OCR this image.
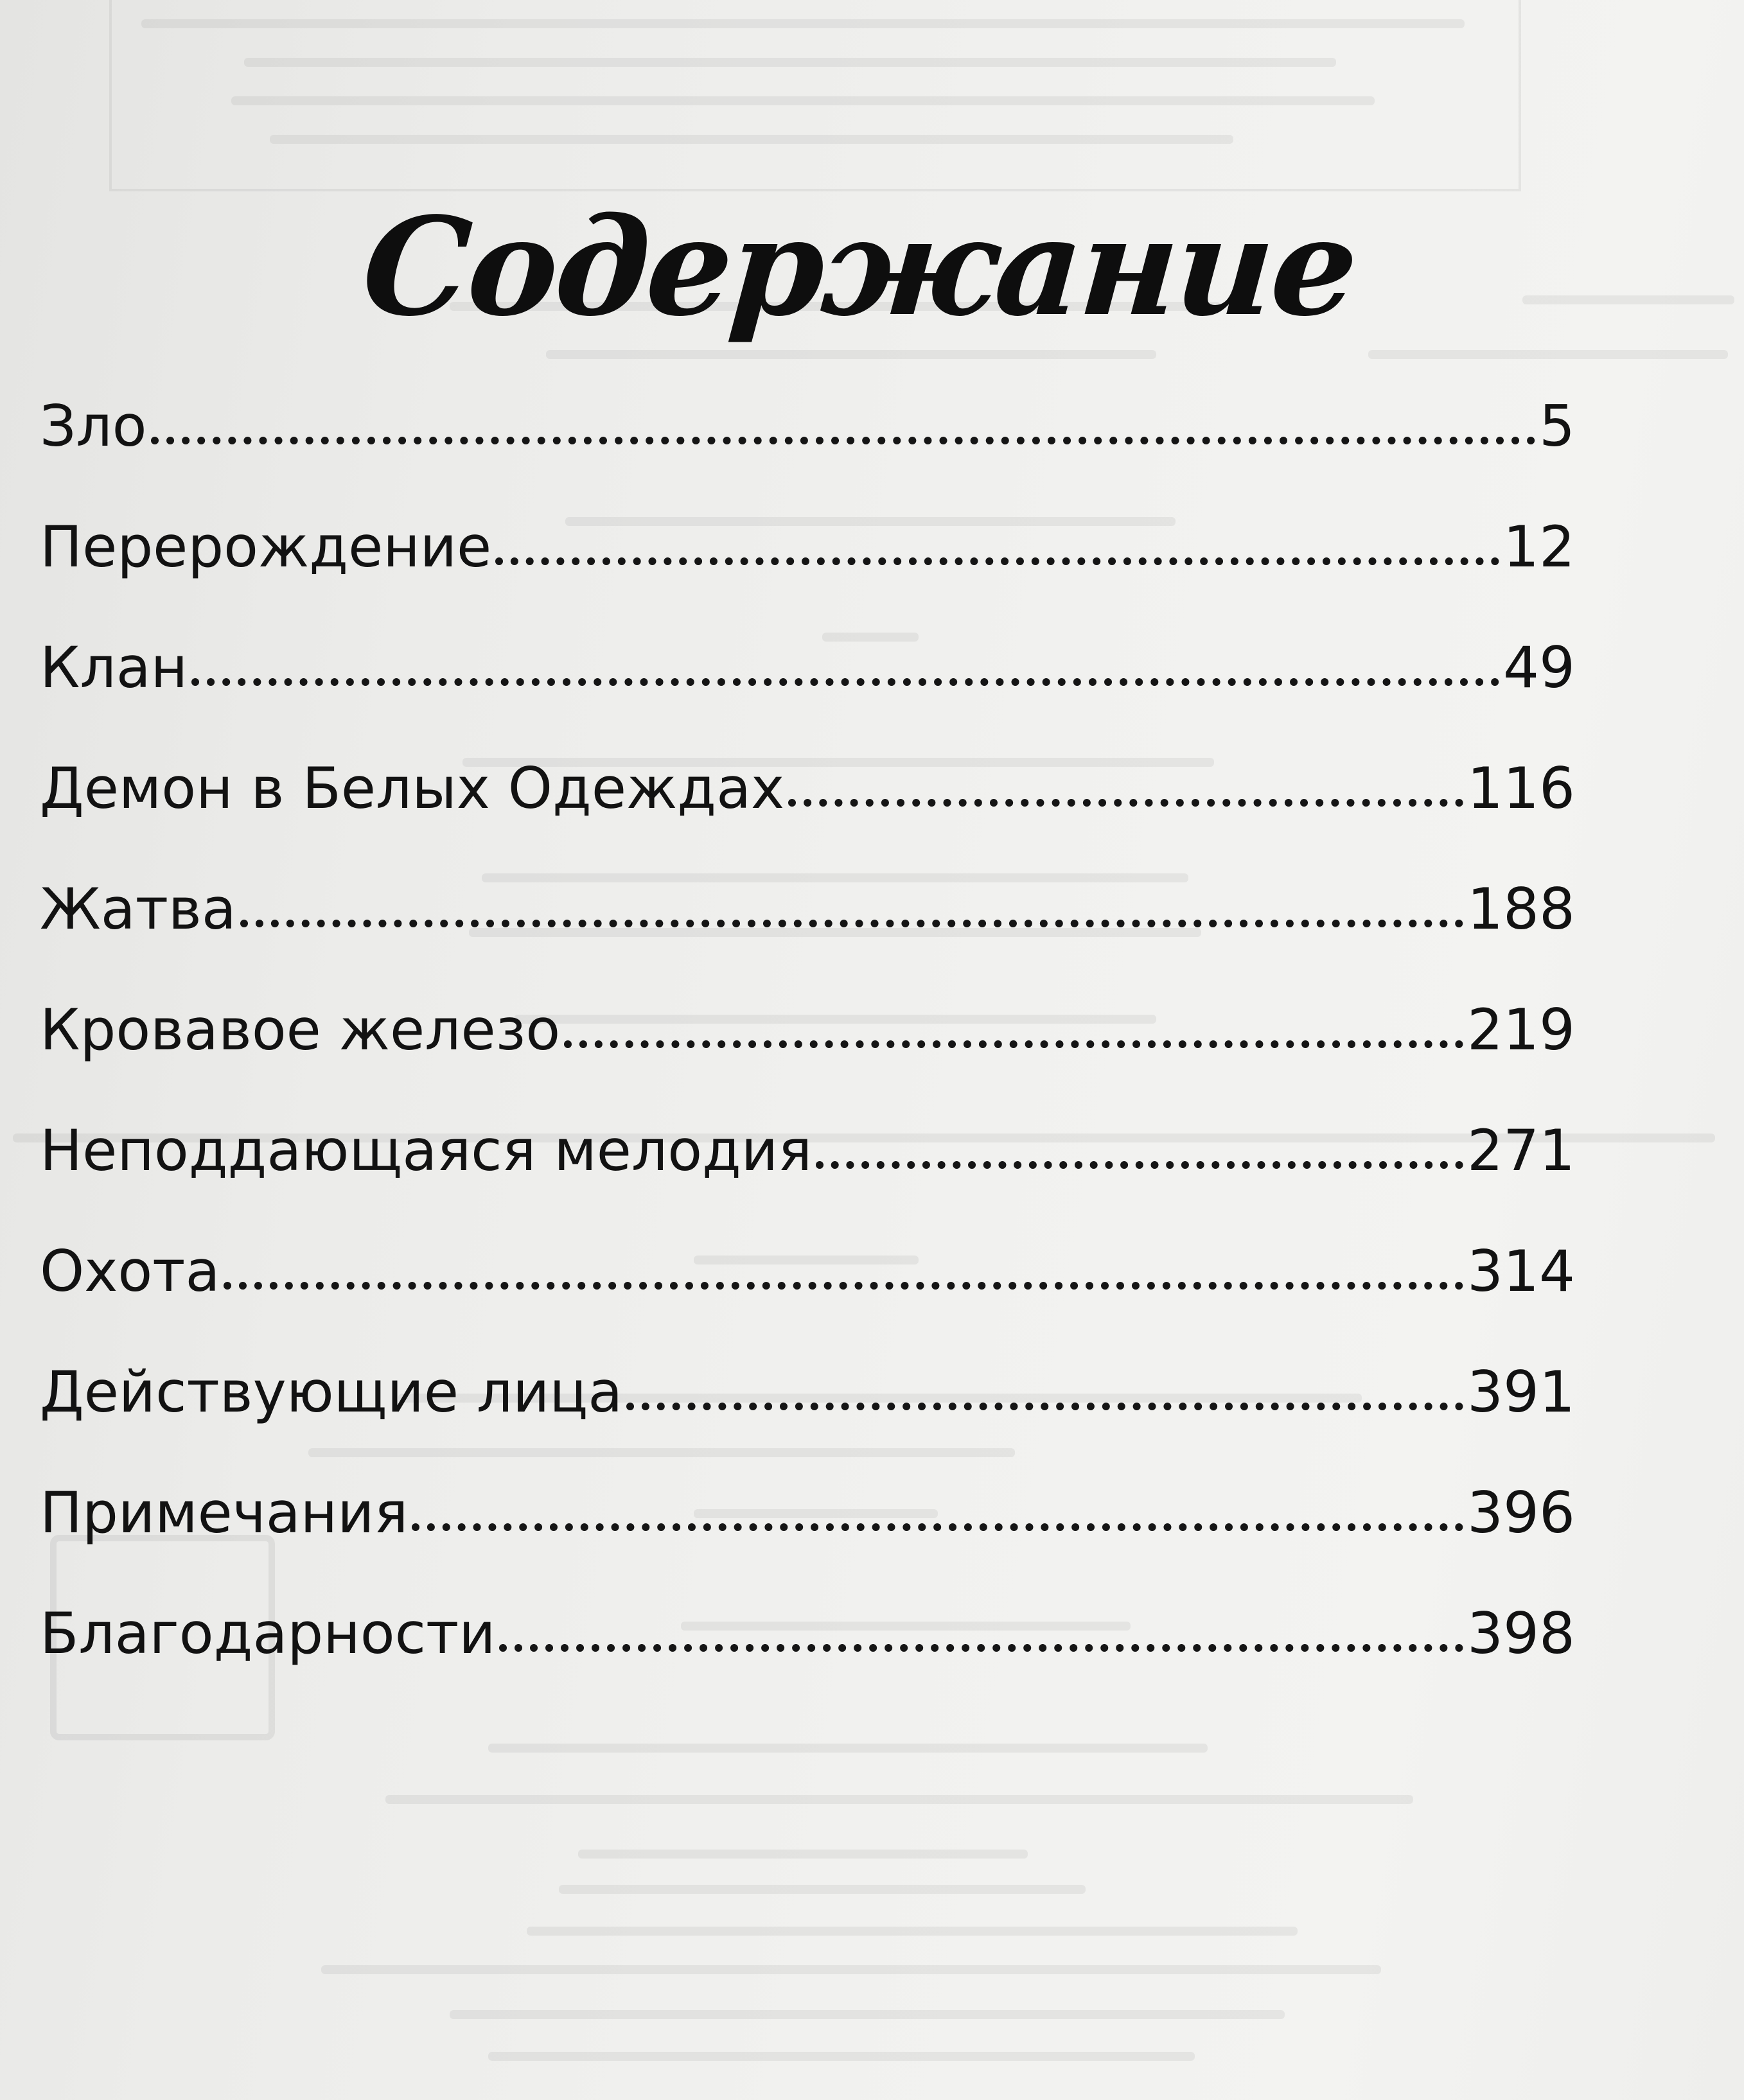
Содержание
Зло	5
Перерождение	12
Клан	49
Демон в Белых Одеждах	116
Жатва	188
Кровавое железо	219
Неподдающаяся мелодия	271
Охота	314
Действующие лица	391
Примечания	396
Благодарности	398
